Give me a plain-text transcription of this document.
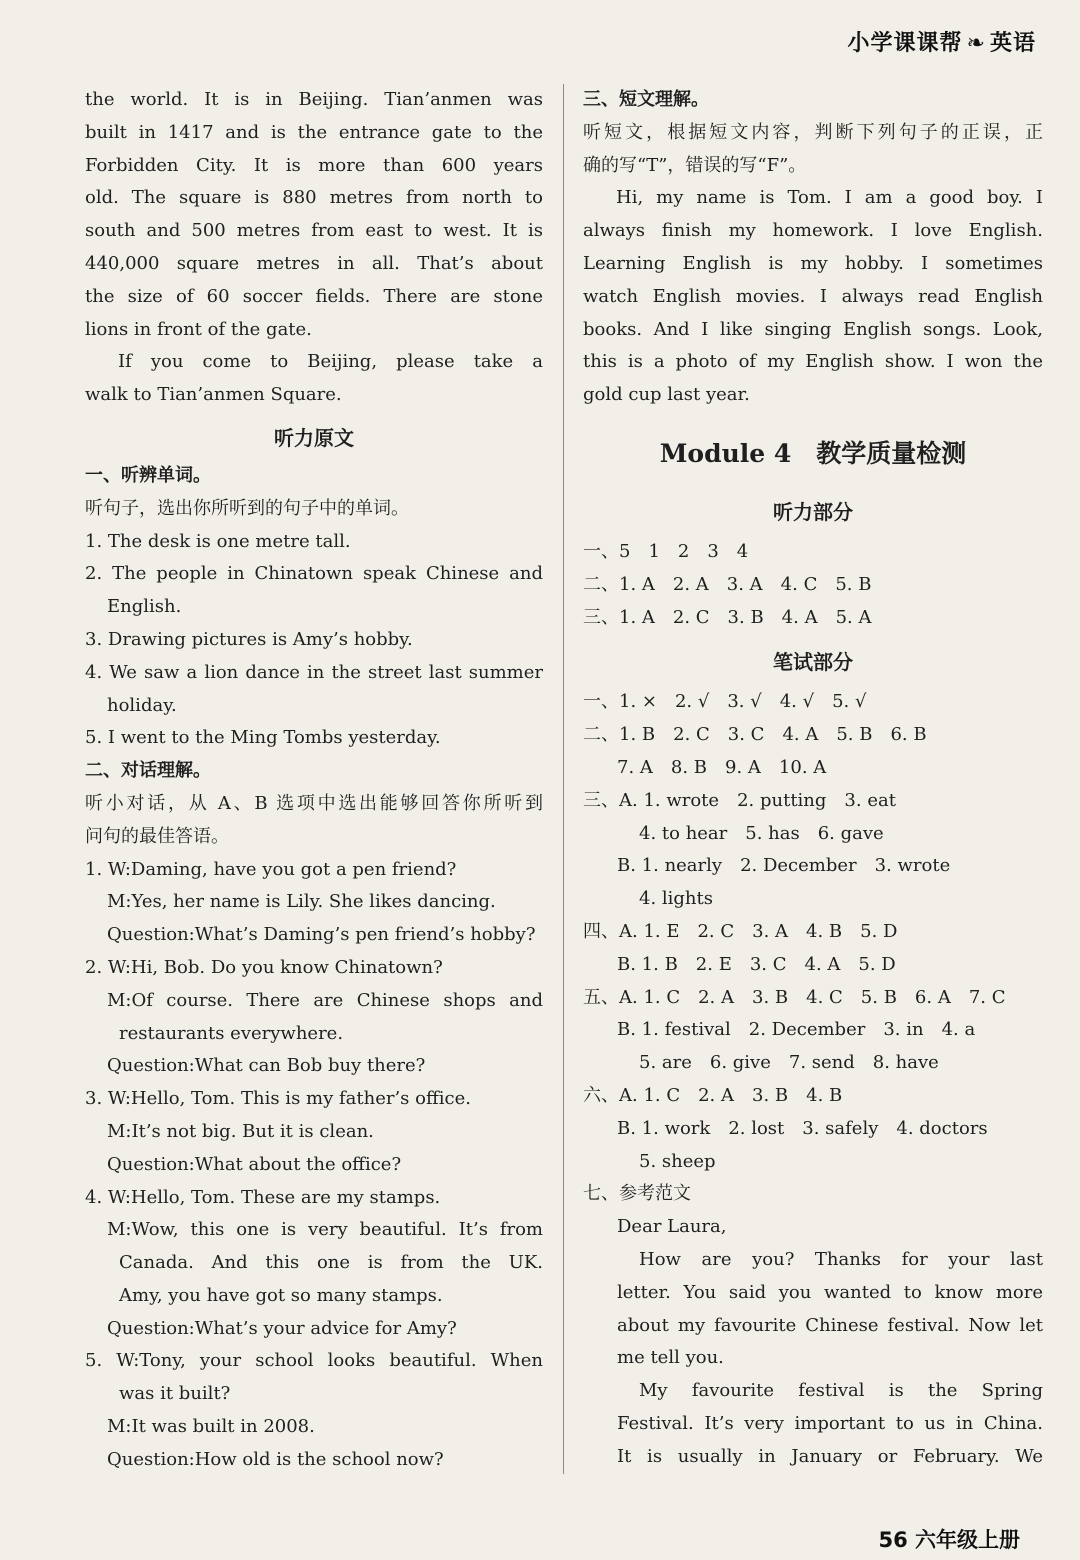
小学课课帮 ❧ 英语
the world. It is in Beijing. Tian’anmen was
built in 1417 and is the entrance gate to the
Forbidden City. It is more than 600 years
old. The square is 880 metres from north to
south and 500 metres from east to west. It is
440,000 square metres in all. That’s about
the size of 60 soccer fields. There are stone
lions in front of the gate.
If you come to Beijing, please take a
walk to Tian’anmen Square.
听力原文
一、听辨单词。
听句子，选出你所听到的句子中的单词。
1. The desk is one metre tall.
2. The people in Chinatown speak Chinese and
English.
3. Drawing pictures is Amy’s hobby.
4. We saw a lion dance in the street last summer
holiday.
5. I went to the Ming Tombs yesterday.
二、对话理解。
听小对话，从 A、B 选项中选出能够回答你所听到
问句的最佳答语。
1. W:Daming, have you got a pen friend?
M:Yes, her name is Lily. She likes dancing.
Question:What’s Daming’s pen friend’s hobby?
2. W:Hi, Bob. Do you know Chinatown?
M:Of course. There are Chinese shops and
restaurants everywhere.
Question:What can Bob buy there?
3. W:Hello, Tom. This is my father’s office.
M:It’s not big. But it is clean.
Question:What about the office?
4. W:Hello, Tom. These are my stamps.
M:Wow, this one is very beautiful. It’s from
Canada. And this one is from the UK.
Amy, you have got so many stamps.
Question:What’s your advice for Amy?
5. W:Tony, your school looks beautiful. When
was it built?
M:It was built in 2008.
Question:How old is the school now?
三、短文理解。
听短文，根据短文内容，判断下列句子的正误，正
确的写“T”，错误的写“F”。
Hi, my name is Tom. I am a good boy. I
always finish my homework. I love English.
Learning English is my hobby. I sometimes
watch English movies. I always read English
books. And I like singing English songs. Look,
this is a photo of my English show. I won the
gold cup last year.
Module 4　教学质量检测
听力部分
一、5　1　2　3　4
二、1. A　2. A　3. A　4. C　5. B
三、1. A　2. C　3. B　4. A　5. A
笔试部分
一、1. ×　2. √　3. √　4. √　5. √
二、1. B　2. C　3. C　4. A　5. B　6. B
7. A　8. B　9. A　10. A
三、A. 1. wrote　2. putting　3. eat
4. to hear　5. has　6. gave
B. 1. nearly　2. December　3. wrote
4. lights
四、A. 1. E　2. C　3. A　4. B　5. D
B. 1. B　2. E　3. C　4. A　5. D
五、A. 1. C　2. A　3. B　4. C　5. B　6. A　7. C
B. 1. festival　2. December　3. in　4. a
5. are　6. give　7. send　8. have
六、A. 1. C　2. A　3. B　4. B
B. 1. work　2. lost　3. safely　4. doctors
5. sheep
七、参考范文
Dear Laura,
How are you? Thanks for your last
letter. You said you wanted to know more
about my favourite Chinese festival. Now let
me tell you.
My favourite festival is the Spring
Festival. It’s very important to us in China.
It is usually in January or February. We
56 六年级上册
